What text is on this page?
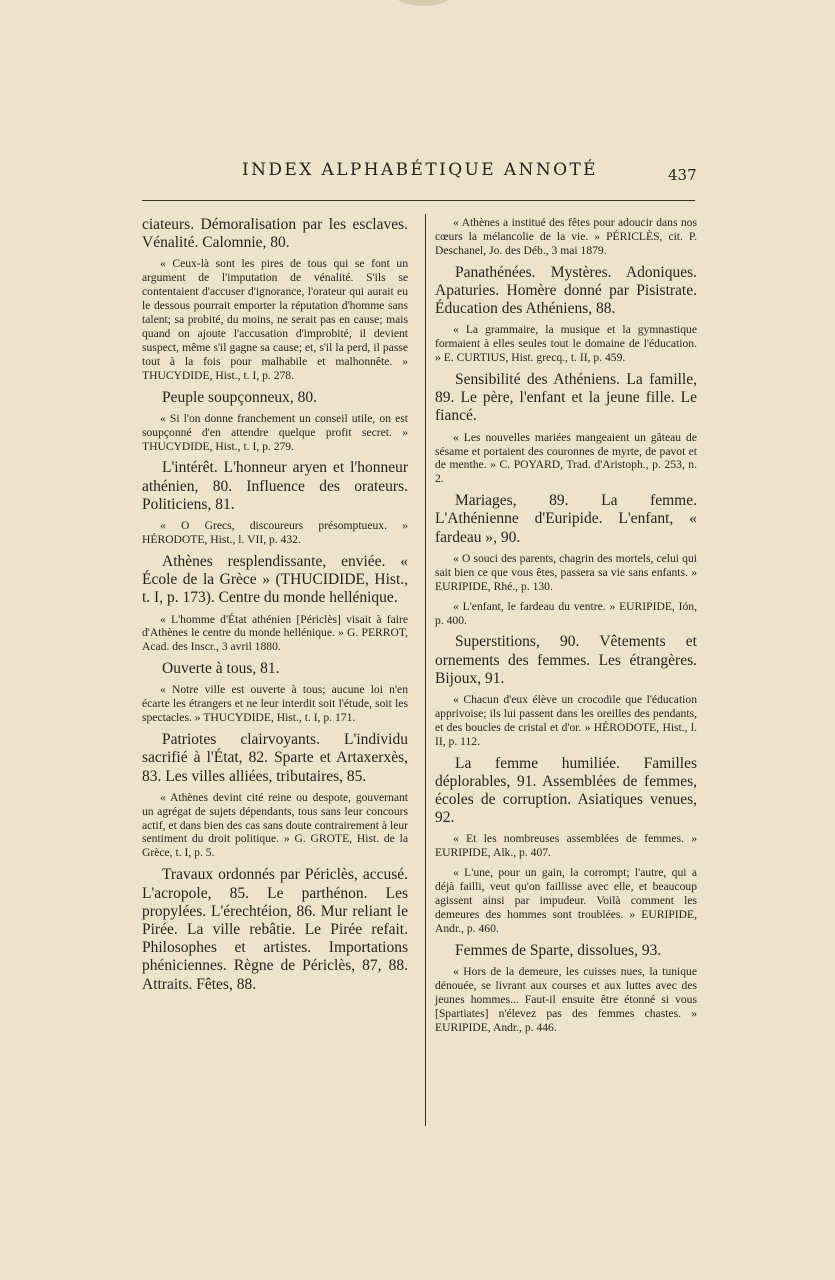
INDEX ALPHABÉTIQUE ANNOTÉ	437

ciateurs. Démoralisation par les esclaves. Vénalité. Calomnie, 80.

« Ceux-là sont les pires de tous qui se font un argument de l'imputation de vénalité. S'ils se contentaient d'accuser d'ignorance, l'orateur qui aurait eu le dessous pourrait emporter la réputation d'homme sans talent; sa probité, du moins, ne serait pas en cause; mais quand on ajoute l'accusation d'improbité, il devient suspect, même s'il gagne sa cause; et, s'il la perd, il passe tout à la fois pour malhabile et malhonnête. » THUCYDIDE, Hist., t. I, p. 278.

Peuple soupçonneux, 80.

« Si l'on donne franchement un conseil utile, on est soupçonné d'en attendre quelque profit secret. » THUCYDIDE, Hist., t. I, p. 279.

L'intérêt. L'honneur aryen et l'honneur athénien, 80. Influence des orateurs. Politiciens, 81.

« O Grecs, discoureurs présomptueux. » HÉRODOTE, Hist., l. VII, p. 432.

Athènes resplendissante, enviée. « École de la Grèce » (THUCIDIDE, Hist., t. I, p. 173). Centre du monde hellénique.

« L'homme d'État athénien [Périclès] visait à faire d'Athènes le centre du monde hellénique. » G. PERROT, Acad. des Inscr., 3 avril 1880.

Ouverte à tous, 81.

« Notre ville est ouverte à tous; aucune loi n'en écarte les étrangers et ne leur interdit soit l'étude, soit les spectacles. » THUCYDIDE, Hist., t. I, p. 171.

Patriotes clairvoyants. L'individu sacrifié à l'État, 82. Sparte et Artaxerxès, 83. Les villes alliées, tributaires, 85.

« Athènes devint cité reine ou despote, gouvernant un agrégat de sujets dépendants, tous sans leur concours actif, et dans bien des cas sans doute contrairement à leur sentiment du droit politique. » G. GROTE, Hist. de la Grèce, t. I, p. 5.

Travaux ordonnés par Périclès, accusé. L'acropole, 85. Le parthénon. Les propylées. L'érechtéion, 86. Mur reliant le Pirée. La ville rebâtie. Le Pirée refait. Philosophes et artistes. Importations phéniciennes. Règne de Périclès, 87, 88. Attraits. Fêtes, 88.

« Athènes a institué des fêtes pour adoucir dans nos cœurs la mélancolie de la vie. » PÉRICLÈS, cit. P. Deschanel, Jo. des Déb., 3 mai 1879.

Panathénées. Mystères. Adoniques. Apaturies. Homère donné par Pisistrate. Éducation des Athéniens, 88.

« La grammaire, la musique et la gymnastique formaient à elles seules tout le domaine de l'éducation. » E. CURTIUS, Hist. grecq., t. II, p. 459.

Sensibilité des Athéniens. La famille, 89. Le père, l'enfant et la jeune fille. Le fiancé.

« Les nouvelles mariées mangeaient un gâteau de sésame et portaient des couronnes de myrte, de pavot et de menthe. » C. POYARD, Trad. d'Aristoph., p. 253, n. 2.

Mariages, 89. La femme. L'Athénienne d'Euripide. L'enfant, « fardeau », 90.

« O souci des parents, chagrin des mortels, celui qui sait bien ce que vous êtes, passera sa vie sans enfants. » EURIPIDE, Rhé., p. 130.

« L'enfant, le fardeau du ventre. » EURIPIDE, Ión, p. 400.

Superstitions, 90. Vêtements et ornements des femmes. Les étrangères. Bijoux, 91.

« Chacun d'eux élève un crocodile que l'éducation apprivoise; ils lui passent dans les oreilles des pendants, et des boucles de cristal et d'or. » HÉRODOTE, Hist., l. II, p. 112.

La femme humiliée. Familles déplorables, 91. Assemblées de femmes, écoles de corruption. Asiatiques venues, 92.

« Et les nombreuses assemblées de femmes. » EURIPIDE, Alk., p. 407.

« L'une, pour un gain, la corrompt; l'autre, qui a déjà failli, veut qu'on faillisse avec elle, et beaucoup agissent ainsi par impudeur. Voilà comment les demeures des hommes sont troublées. » EURIPIDE, Andr., p. 460.

Femmes de Sparte, dissolues, 93.

« Hors de la demeure, les cuisses nues, la tunique dénouée, se livrant aux courses et aux luttes avec des jeunes hommes... Faut-il ensuite être étonné si vous [Spartiates] n'élevez pas des femmes chastes. » EURIPIDE, Andr., p. 446.
